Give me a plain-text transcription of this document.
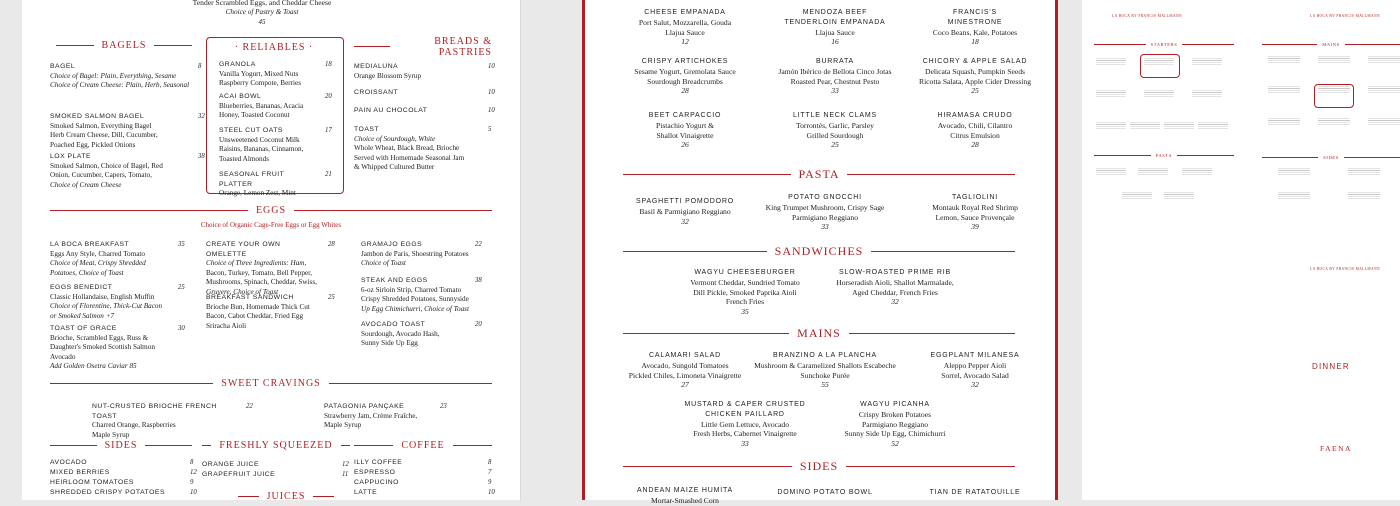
Tender Scrambled Eggs, and Cheddar Cheese
Choice of Pastry & Toast
45
BAGELS
BAGEL	8
Choice of Bagel: Plain, Everything, Sesame
Choice of Cream Cheese: Plain, Herb, Seasonal
SMOKED SALMON BAGEL	32
Smoked Salmon, Everything Bagel
Herb Cream Cheese, Dill, Cucumber,
Poached Egg, Pickled Onions
LOX PLATE	38
Smoked Salmon, Choice of Bagel, Red
Onion, Cucumber, Capers, Tomato,
Choice of Cream Cheese
· RELIABLES ·
GRANOLA	18
Vanilla Yogurt, Mixed Nuts
Raspberry Compote, Berries
ACAI BOWL	20
Blueberries, Bananas, Acacia
Honey, Toasted Coconut
STEEL CUT OATS	17
Unsweetened Coconut Milk
Raisins, Bananas, Cinnamon,
Toasted Almonds
SEASONAL FRUIT PLATTER
21
Orange, Lemon Zest, Mint
BREADS &
PASTRIES
MEDIALUNA	10
Orange Blossom Syrup
CROISSANT	10
PAIN AU CHOCOLAT	10
TOAST	5
Choice of Sourdough, White
Whole Wheat, Black Bread, Brioche
Served with Homemade Seasonal Jam
& Whipped Cultured Butter
EGGS
Choice of Organic Cage-Free Eggs or Egg Whites
LA BOCA BREAKFAST	35
Eggs Any Style, Charred Tomato
Choice of Meat, Crispy Shredded
Potatoes, Choice of Toast
EGGS BENEDICT	25
Classic Hollandaise, English Muffin
Choice of Florentine, Thick-Cut Bacon
or Smoked Salmon +7
TOAST OF GRACE	30
Brioche, Scrambled Eggs, Russ &
Daughter's Smoked Scottish Salmon
Avocado
Add Golden Osetra Caviar 85
CREATE YOUR OWN OMELETTE
28
Choice of Three Ingredients: Ham,
Bacon, Turkey, Tomato, Bell Pepper,
Mushrooms, Spinach, Cheddar, Swiss,
Gruyere, Choice of Toast
BREAKFAST SANDWICH	25
Brioche Bun, Homemade Thick Cut
Bacon, Cabot Cheddar, Fried Egg
Sriracha Aioli
GRAMAJO EGGS	22
Jambon de Paris, Shoestring Potatoes
Choice of Toast
STEAK AND EGGS	38
6-oz Sirloin Strip, Charred Tomato
Crispy Shredded Potatoes, Sunnyside
Up Egg Chimichurri, Choice of Toast
AVOCADO TOAST	20
Sourdough, Avocado Hash,
Sunny Side Up Egg
SWEET CRAVINGS
NUT-CRUSTED BRIOCHE FRENCH TOAST
22
Charred Orange, Raspberries
Maple Syrup
PATAGONIA PANÇAKE	23
Strawberry Jam, Crème Fraîche,
Maple Syrup
SIDES
AVOCADO	8
MIXED BERRIES	12
HEIRLOOM TOMATOES	9
SHREDDED CRISPY POTATOES	10
FRESHLY SQUEEZED
ORANGE JUICE	12
GRAPEFRUIT JUICE	11
JUICES
COFFEE
ILLY COFFEE	8
ESPRESSO	7
CAPPUCINO	9
LATTE	10
CHEESE EMPANADA
Port Salut, Mozzarella, Gouda
Llajua Sauce
12
MENDOZA BEEF
TENDERLOIN EMPANADA
Llajua Sauce
16
FRANCIS'S
MINESTRONE
Coco Beans, Kale, Potatoes
18
CRISPY ARTICHOKES
Sesame Yogurt, Gremolata Sauce
Sourdough Breadcrumbs
28
BURRATA
Jamón Ibérico de Bellota Cinco Jotas
Roasted Pear, Chestnut Pesto
33
CHICORY & APPLE SALAD
Delicata Squash, Pumpkin Seeds
Ricotta Salata, Apple Cider Dressing
25
BEET CARPACCIO
Pistachio Yogurt &
Shallot Vinaigrette
26
LITTLE NECK CLAMS
Torrontés, Garlic, Parsley
Grilled Sourdough
25
HIRAMASA CRUDO
Avocado, Chili, Cilantro
Citrus Emulsion
28
PASTA
SPAGHETTI POMODORO
Basil & Parmigiano Reggiano
32
POTATO GNOCCHI
King Trumpet Mushroom, Crispy Sage
Parmigiano Reggiano
33
TAGLIOLINI
Montauk Royal Red Shrimp
Lemon, Sauce Provençale
39
SANDWICHES
WAGYU CHEESEBURGER
Vermont Cheddar, Sundried Tomato
Dill Pickle, Smoked Paprika Aioli
French Fries
35
SLOW-ROASTED PRIME RIB
Horseradish Aioli, Shallot Marmalade,
Aged Cheddar, French Fries
32
MAINS
CALAMARI SALAD
Avocado, Sungold Tomatoes
Pickled Chiles, Limoneta Vinaigrette
27
BRANZINO A LA PLANCHA
Mushroom & Caramelized Shallots Escabeche
Sunchoke Purée
55
EGGPLANT MILANESA
Aleppo Pepper Aioli
Sorrel, Avocado Salad
32
MUSTARD & CAPER CRUSTED
CHICKEN PAILLARD
Little Gem Lettuce, Avocado
Fresh Herbs, Cabernet Vinaigrette
33
WAGYU PICANHA
Crispy Broken Potatoes
Parmigiano Reggiano
Sunny Side Up Egg, Chimichurri
52
SIDES
ANDEAN MAIZE HUMITA
Mortar-Smashed Corn
DOMINO POTATO BOWL	TIAN DE RATATOUILLE
LA BOCA BY FRANCIS MALLMANN	LA BOCA BY FRANCIS MALLMANN
STARTERS
PASTA
MAINS
SIDES
LA BOCA BY FRANCIS MALLMANN
DINNER
FAENA
